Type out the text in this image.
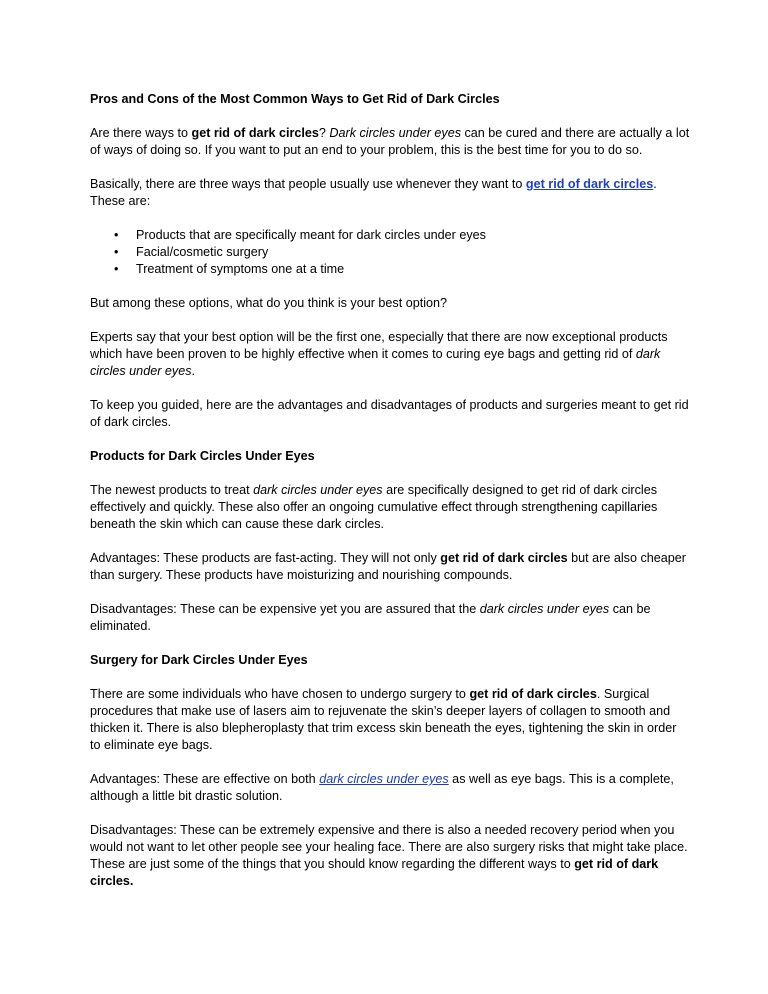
Pros and Cons of the Most Common Ways to Get Rid of Dark Circles

Are there ways to get rid of dark circles? Dark circles under eyes can be cured and there are actually a lot of ways of doing so. If you want to put an end to your problem, this is the best time for you to do so.

Basically, there are three ways that people usually use whenever they want to get rid of dark circles. These are:

• Products that are specifically meant for dark circles under eyes
• Facial/cosmetic surgery
• Treatment of symptoms one at a time

But among these options, what do you think is your best option?

Experts say that your best option will be the first one, especially that there are now exceptional products which have been proven to be highly effective when it comes to curing eye bags and getting rid of dark circles under eyes.

To keep you guided, here are the advantages and disadvantages of products and surgeries meant to get rid of dark circles.

Products for Dark Circles Under Eyes

The newest products to treat dark circles under eyes are specifically designed to get rid of dark circles effectively and quickly. These also offer an ongoing cumulative effect through strengthening capillaries beneath the skin which can cause these dark circles.

Advantages: These products are fast-acting. They will not only get rid of dark circles but are also cheaper than surgery. These products have moisturizing and nourishing compounds.

Disadvantages: These can be expensive yet you are assured that the dark circles under eyes can be eliminated.

Surgery for Dark Circles Under Eyes

There are some individuals who have chosen to undergo surgery to get rid of dark circles. Surgical procedures that make use of lasers aim to rejuvenate the skin’s deeper layers of collagen to smooth and thicken it. There is also blepheroplasty that trim excess skin beneath the eyes, tightening the skin in order to eliminate eye bags.

Advantages: These are effective on both dark circles under eyes as well as eye bags. This is a complete, although a little bit drastic solution.

Disadvantages: These can be extremely expensive and there is also a needed recovery period when you would not want to let other people see your healing face. There are also surgery risks that might take place.

These are just some of the things that you should know regarding the different ways to get rid of dark circles.
